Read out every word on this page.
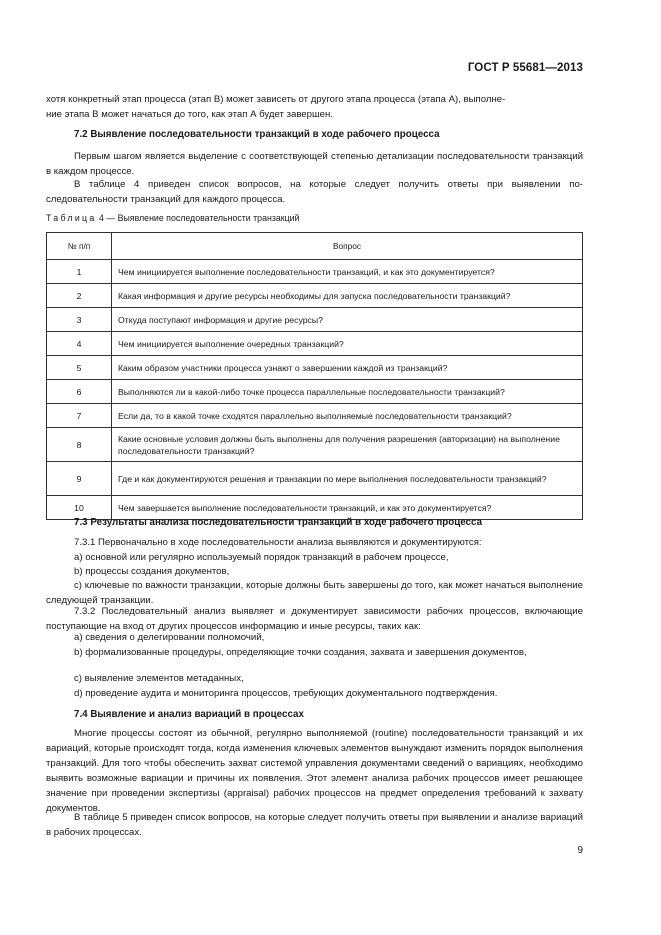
ГОСТ Р 55681—2013
хотя конкретный этап процесса (этап В) может зависеть от другого этапа процесса (этапа А), выполне-
ние этапа В может начаться до того, как этап А будет завершен.
7.2 Выявление последовательности транзакций в ходе рабочего процесса
Первым шагом является выделение с соответствующей степенью детализации последовательности транзакций в каждом процессе.
В таблице 4 приведен список вопросов, на которые следует получить ответы при выявлении последовательности транзакций для каждого процесса.
Таблица 4 — Выявление последовательности транзакций
№ п/п	Вопрос
1	Чем инициируется выполнение последовательности транзакций, и как это документируется?
2	Какая информация и другие ресурсы необходимы для запуска последовательности транзакций?
3	Откуда поступают информация и другие ресурсы?
4	Чем инициируется выполнение очередных транзакций?
5	Каким образом участники процесса узнают о завершении каждой из транзакций?
6	Выполняются ли в какой-либо точке процесса параллельные последовательности транзакций?
7	Если да, то в какой точке сходятся параллельно выполняемые последовательности транзакций?
8	Какие основные условия должны быть выполнены для получения разрешения (авторизации) на выполнение последовательности транзакций?
9	Где и как документируются решения и транзакции по мере выполнения последовательности транзакций?
10	Чем завершается выполнение последовательности транзакций, и как это документируется?
7.3 Результаты анализа последовательности транзакций в ходе рабочего процесса
7.3.1 Первоначально в ходе последовательности анализа выявляются и документируются:
а) основной или регулярно используемый порядок транзакций в рабочем процессе,
b) процессы создания документов,
c) ключевые по важности транзакции, которые должны быть завершены до того, как может начаться выполнение следующей транзакции.
7.3.2 Последовательный анализ выявляет и документирует зависимости рабочих процессов, включающие поступающие на вход от других процессов информацию и иные ресурсы, таких как:
а) сведения о делегировании полномочий,
b) формализованные процедуры, определяющие точки создания, захвата и завершения документов,
c) выявление элементов метаданных,
d) проведение аудита и мониторинга процессов, требующих документального подтверждения.
7.4 Выявление и анализ вариаций в процессах
Многие процессы состоят из обычной, регулярно выполняемой (routine) последовательности транзакций и их вариаций, которые происходят тогда, когда изменения ключевых элементов вынуждают изменить порядок выполнения транзакций. Для того чтобы обеспечить захват системой управления документами сведений о вариациях, необходимо выявить возможные вариации и причины их появления. Этот элемент анализа рабочих процессов имеет решающее значение при проведении экспертизы (appraisal) рабочих процессов на предмет определения требований к захвату документов.
В таблице 5 приведен список вопросов, на которые следует получить ответы при выявлении и анализе вариаций в рабочих процессах.
9
